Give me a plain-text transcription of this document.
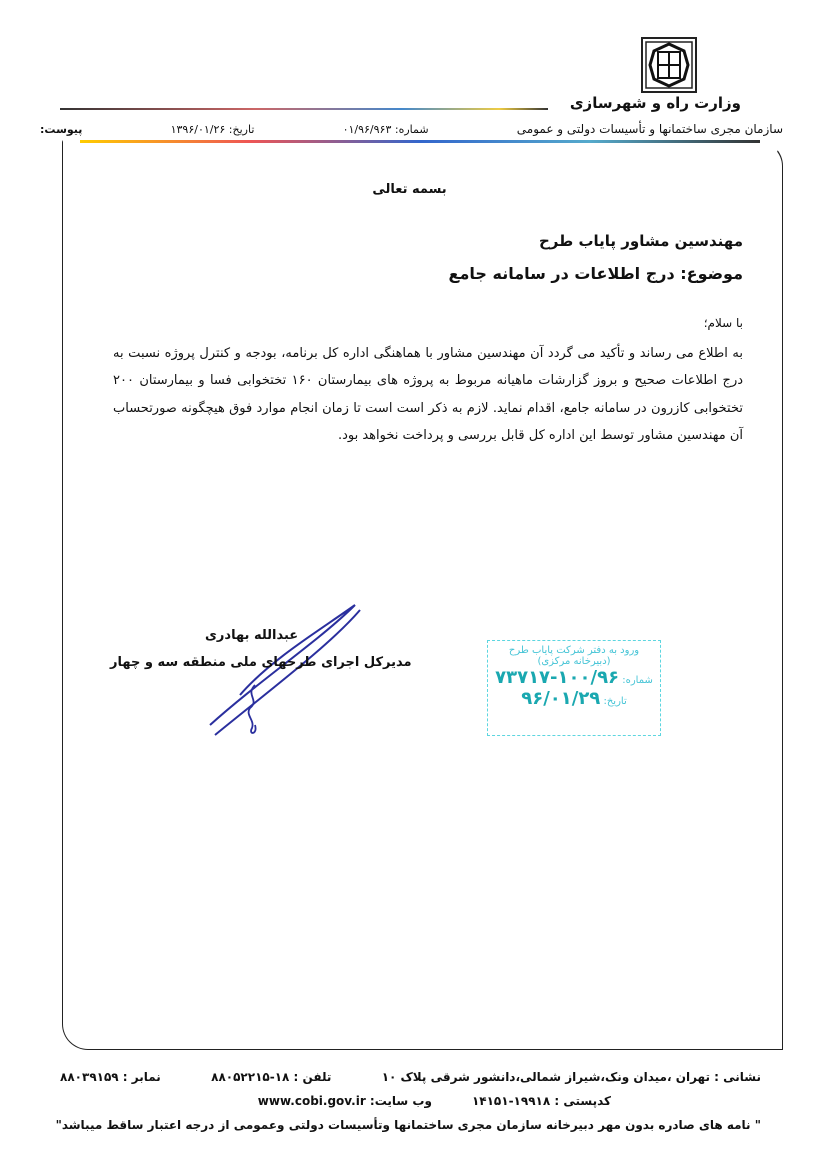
وزارت راه و شهرسازی
سازمان مجری ساختمانها و تأسیسات دولتی و عمومی
شماره: ۰۱/۹۶/۹۶۳
تاریخ: ۱۳۹۶/۰۱/۲۶
پیوست:
بسمه تعالی
مهندسین مشاور پایاب طرح
موضوع: درج اطلاعات در سامانه جامع
با سلام؛
به اطلاع می رساند و تأکید می گردد آن مهندسین مشاور با هماهنگی اداره کل برنامه، بودجه و کنترل پروژه نسبت به درج اطلاعات صحیح و بروز گزارشات ماهیانه مربوط به پروژه های بیمارستان ۱۶۰ تختخوابی فسا و بیمارستان ۲۰۰ تختخوابی کازرون در سامانه جامع، اقدام نماید. لازم به ذکر است است تا زمان انجام موارد فوق هیچگونه صورتحساب آن مهندسین مشاور توسط این اداره کل قابل بررسی و پرداخت نخواهد بود.
عبدالله بهادری
مدیرکل اجرای طرحهای ملی منطقه سه و چهار
ورود به دفتر شرکت پایاب طرح
(دبیرخانه مرکزی)
شماره: ۱۰۰/۹۶-۷۳۷۱۷
تاریخ: ۹۶/۰۱/۲۹
نشانی : تهران ،میدان ونک،شیراز شمالی،دانشور شرقی پلاک ۱۰
تلفن : ۱۸-۸۸۰۵۲۲۱۵
نمابر : ۸۸۰۳۹۱۵۹
کدپستی : ۱۹۹۱۸-۱۴۱۵۱
وب سایت: www.cobi.gov.ir
" نامه های صادره بدون مهر دبیرخانه سازمان مجری ساختمانها وتأسیسات دولتی وعمومی از درجه اعتبار ساقط میباشد"
